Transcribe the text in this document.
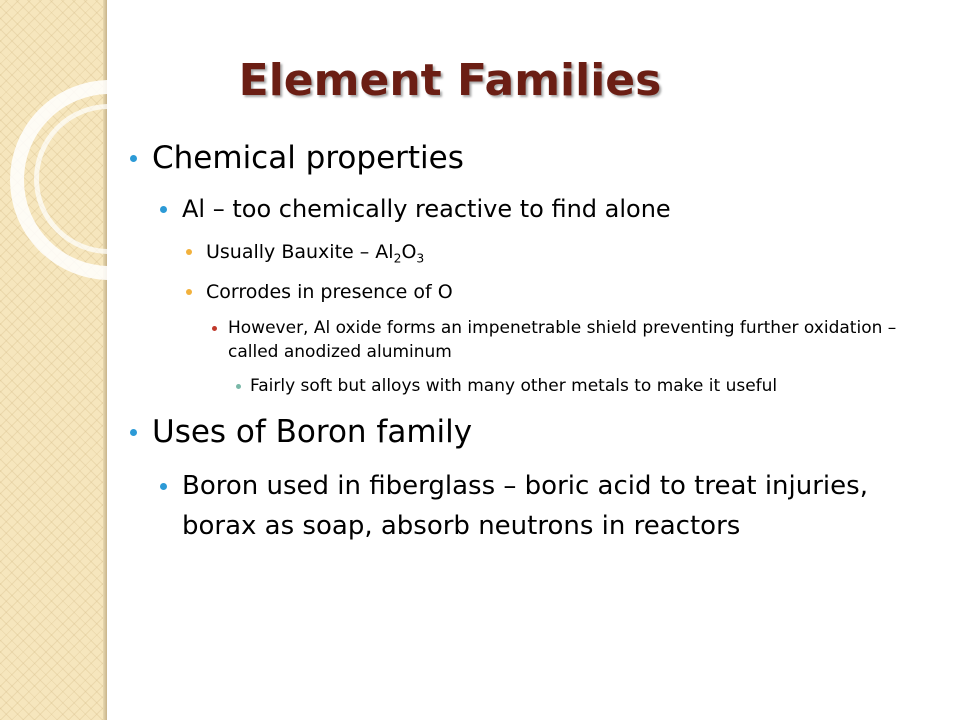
Element Families
Chemical properties
Al – too chemically reactive to find alone
Usually Bauxite – $Al_2O_3$
Corrodes in presence of O
However, Al oxide forms an impenetrable shield preventing further oxidation – called anodized aluminum
Fairly soft but alloys with many other metals to make it useful
Uses of Boron family
Boron used in fiberglass – boric acid to treat injuries, borax as soap, absorb neutrons in reactors
